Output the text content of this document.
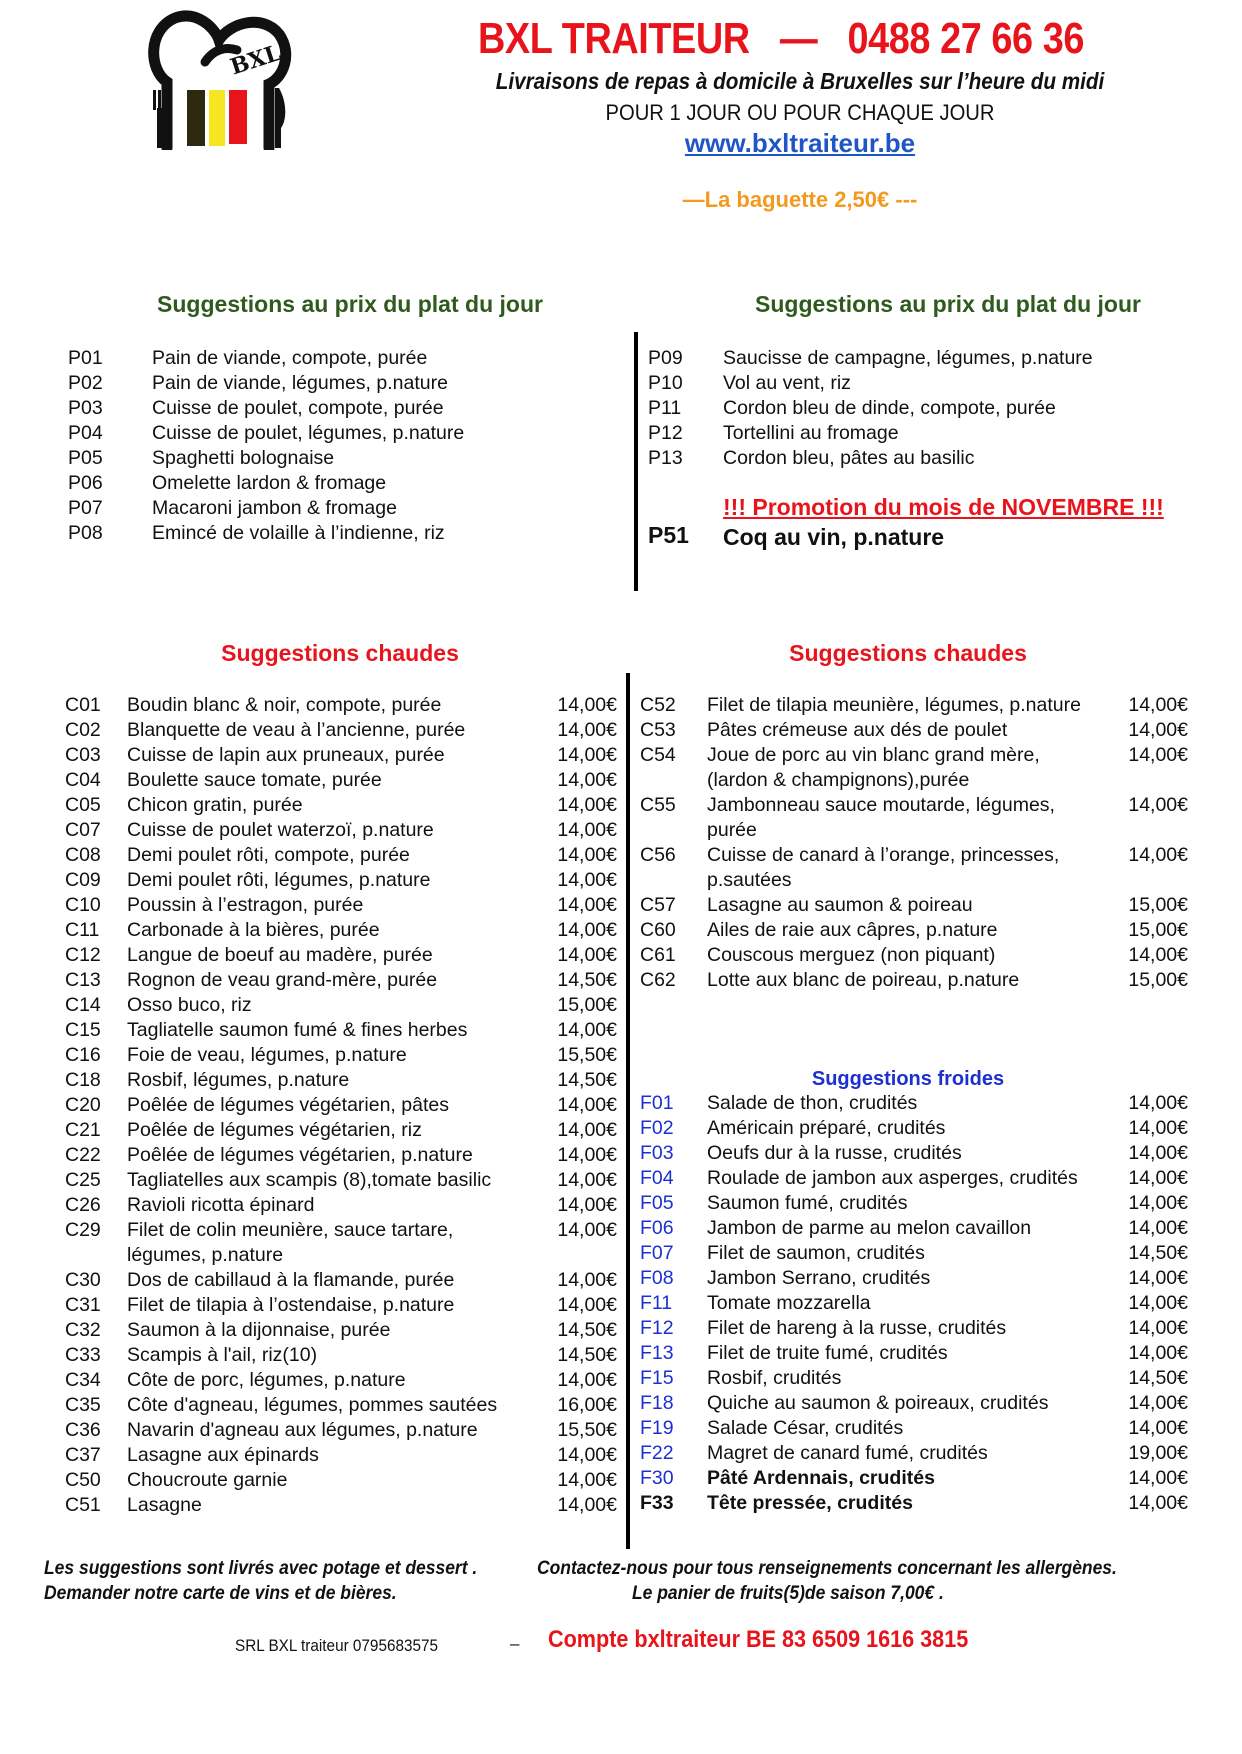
BXL	BXL TRAITEUR   —   0488 27 66 36
Livraisons de repas à domicile à Bruxelles sur l’heure du midi
POUR 1 JOUR OU POUR CHAQUE JOUR
www.bxltraiteur.be
—La baguette 2,50€ ---
Suggestions au prix du plat du jour	Suggestions au prix du plat du jour
P01	Pain de viande, compote, purée
P02	Pain de viande, légumes, p.nature
P03	Cuisse de poulet, compote, purée
P04	Cuisse de poulet, légumes, p.nature
P05	Spaghetti bolognaise
P06	Omelette lardon & fromage
P07	Macaroni jambon & fromage
P08	Emincé de volaille à l’indienne, riz
P09 Saucisse de campagne, légumes, p.nature
P10 Vol au vent, riz
P11 Cordon bleu de dinde, compote, purée
P12 Tortellini au fromage
P13 Cordon bleu, pâtes au basilic
!!! Promotion du mois de NOVEMBRE !!!
P51 Coq au vin, p.nature
Suggestions chaudes	Suggestions chaudes
C01 Boudin blanc & noir, compote, purée	14,00€
C02 Blanquette de veau à l’ancienne, purée	14,00€
C03 Cuisse de lapin aux pruneaux, purée	14,00€
C04 Boulette sauce tomate, purée	14,00€
C05 Chicon gratin, purée	14,00€
C07 Cuisse de poulet waterzoï, p.nature	14,00€
C08 Demi poulet rôti, compote, purée	14,00€
C09 Demi poulet rôti, légumes, p.nature	14,00€
C10 Poussin à l’estragon, purée	14,00€
C11 Carbonade à la bières, purée	14,00€
C12 Langue de boeuf au madère, purée	14,00€
C13 Rognon de veau grand-mère, purée	14,50€
C14 Osso buco, riz	15,00€
C15 Tagliatelle saumon fumé & fines herbes	14,00€
C16 Foie de veau, légumes, p.nature	15,50€
C18 Rosbif, légumes, p.nature	14,50€
C20 Poêlée de légumes végétarien, pâtes	14,00€
C21 Poêlée de légumes végétarien, riz	14,00€
C22 Poêlée de légumes végétarien, p.nature	14,00€
C25 Tagliatelles aux scampis (8),tomate basilic	14,00€
C26 Ravioli ricotta épinard	14,00€
C29 Filet de colin meunière, sauce tartare,
légumes, p.nature
14,00€
C30 Dos de cabillaud à la flamande, purée	14,00€
C31 Filet de tilapia à l’ostendaise, p.nature	14,00€
C32 Saumon à la dijonnaise, purée	14,50€
C33 Scampis à l'ail, riz(10)	14,50€
C34 Côte de porc, légumes, p.nature	14,00€
C35 Côte d'agneau, légumes, pommes sautées	16,00€
C36 Navarin d'agneau aux légumes, p.nature	15,50€
C37 Lasagne aux épinards	14,00€
C50 Choucroute garnie	14,00€
C51 Lasagne	14,00€
C52 Filet de tilapia meunière, légumes, p.nature	14,00€
C53 Pâtes crémeuse aux dés de poulet	14,00€
C54 Joue de porc au vin blanc grand mère,
(lardon & champignons),purée
14,00€
C55 Jambonneau sauce moutarde, légumes,
purée
14,00€
C56 Cuisse de canard à l’orange, princesses,
p.sautées
14,00€
C57 Lasagne au saumon & poireau	15,00€
C60 Ailes de raie aux câpres, p.nature	15,00€
C61 Couscous merguez (non piquant)	14,00€
C62 Lotte aux blanc de poireau, p.nature	15,00€
Suggestions froides
F01 Salade de thon, crudités	14,00€
F02 Américain préparé, crudités	14,00€
F03 Oeufs dur à la russe, crudités	14,00€
F04 Roulade de jambon aux asperges, crudités	14,00€
F05 Saumon fumé, crudités	14,00€
F06 Jambon de parme au melon cavaillon	14,00€
F07 Filet de saumon, crudités	14,50€
F08 Jambon Serrano, crudités	14,00€
F11 Tomate mozzarella	14,00€
F12 Filet de hareng à la russe, crudités	14,00€
F13 Filet de truite fumé, crudités	14,00€
F15 Rosbif, crudités	14,50€
F18 Quiche au saumon & poireaux, crudités	14,00€
F19 Salade César, crudités	14,00€
F22 Magret de canard fumé, crudités	19,00€
F30 Pâté Ardennais, crudités	14,00€
F33 Tête pressée, crudités	14,00€
Les suggestions sont livrés avec potage et dessert .
Demander notre carte de vins et de bières.
Contactez-nous pour tous renseignements concernant les allergènes.
Le panier de fruits(5)de saison 7,00€ .
SRL BXL traiteur 0795683575	– Compte bxltraiteur BE 83 6509 1616 3815
